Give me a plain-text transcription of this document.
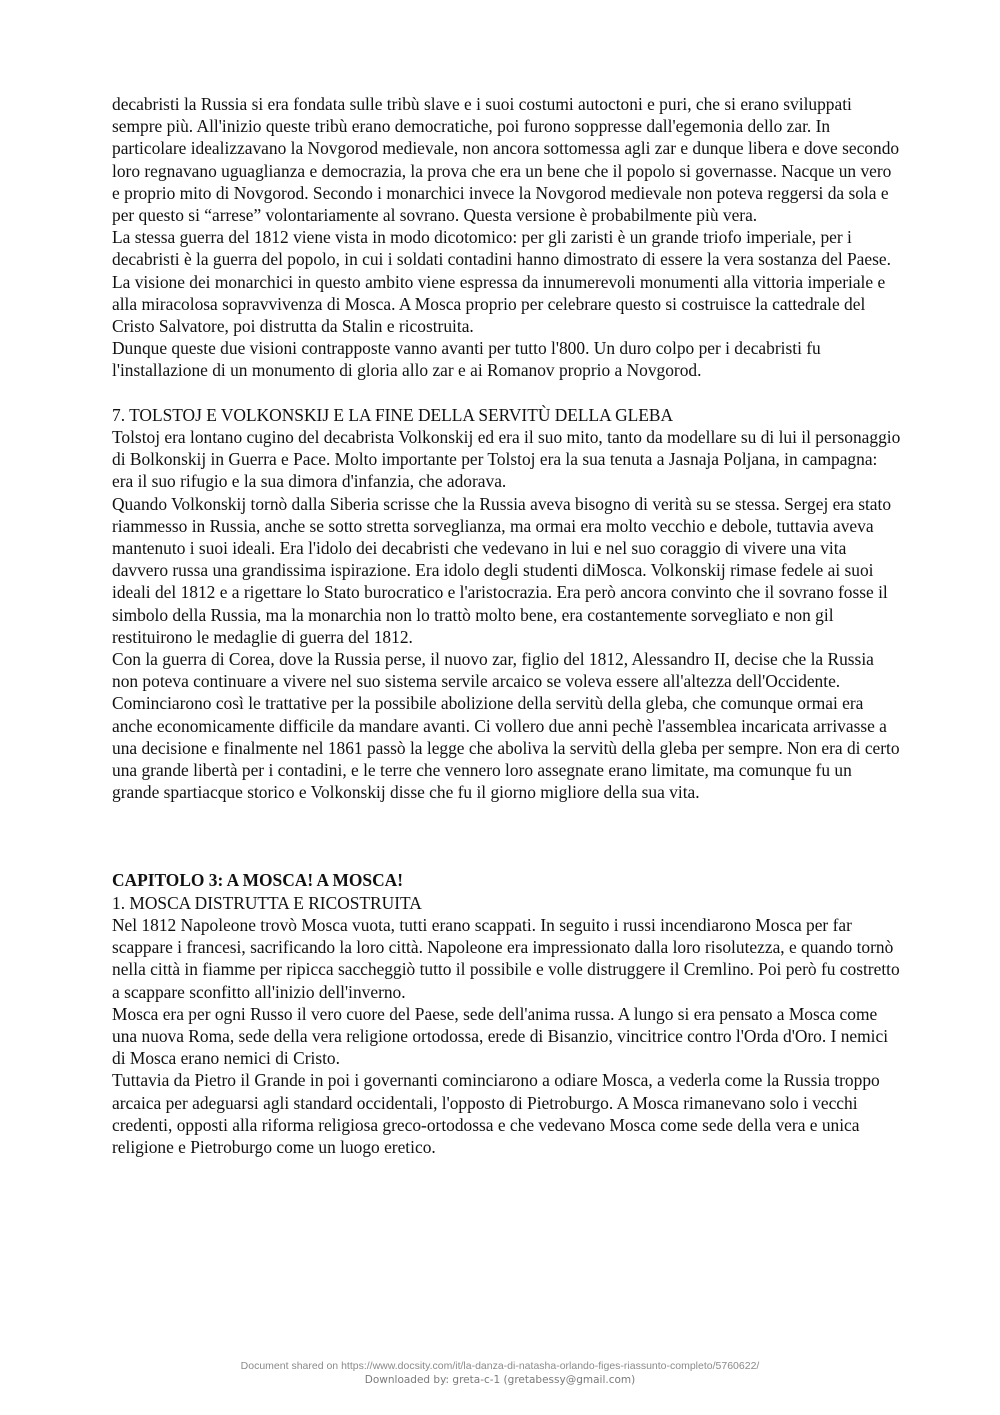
decabristi la Russia si era fondata sulle tribù slave e i suoi costumi autoctoni e puri, che si erano sviluppati sempre più. All'inizio queste tribù erano democratiche, poi furono soppresse dall'egemonia dello zar. In particolare idealizzavano la Novgorod medievale, non ancora sottomessa agli zar e dunque libera e dove secondo loro regnavano uguaglianza e democrazia, la prova che era un bene che il popolo si governasse. Nacque un vero e proprio mito di Novgorod. Secondo i monarchici invece la Novgorod medievale non poteva reggersi da sola e per questo si “arrese” volontariamente al sovrano. Questa versione è probabilmente più vera.

La stessa guerra del 1812 viene vista in modo dicotomico: per gli zaristi è un grande triofo imperiale, per i decabristi è la guerra del popolo, in cui i soldati contadini hanno dimostrato di essere la vera sostanza del Paese. La visione dei monarchici in questo ambito viene espressa da innumerevoli monumenti alla vittoria imperiale e alla miracolosa sopravvivenza di Mosca. A Mosca proprio per celebrare questo si costruisce la cattedrale del Cristo Salvatore, poi distrutta da Stalin e ricostruita.

Dunque queste due visioni contrapposte vanno avanti per tutto l'800. Un duro colpo per i decabristi fu l'installazione di un monumento di gloria allo zar e ai Romanov proprio a Novgorod.

7. TOLSTOJ E VOLKONSKIJ E LA FINE DELLA SERVITÙ DELLA GLEBA

Tolstoj era lontano cugino del decabrista Volkonskij ed era il suo mito, tanto da modellare su di lui il personaggio di Bolkonskij in Guerra e Pace. Molto importante per Tolstoj era la sua tenuta a Jasnaja Poljana, in campagna: era il suo rifugio e la sua dimora d'infanzia, che adorava.

Quando Volkonskij tornò dalla Siberia scrisse che la Russia aveva bisogno di verità su se stessa. Sergej era stato riammesso in Russia, anche se sotto stretta sorveglianza, ma ormai era molto vecchio e debole, tuttavia aveva mantenuto i suoi ideali. Era l'idolo dei decabristi che vedevano in lui e nel suo coraggio di vivere una vita davvero russa una grandissima ispirazione. Era idolo degli studenti diMosca. Volkonskij rimase fedele ai suoi ideali del 1812 e a rigettare lo Stato burocratico e l'aristocrazia. Era però ancora convinto che il sovrano fosse il simbolo della Russia, ma la monarchia non lo trattò molto bene, era costantemente sorvegliato e non gil restituirono le medaglie di guerra del 1812.

Con la guerra di Corea, dove la Russia perse, il nuovo zar, figlio del 1812, Alessandro II, decise che la Russia non poteva continuare a vivere nel suo sistema servile arcaico se voleva essere all'altezza dell'Occidente. Cominciarono così le trattative per la possibile abolizione della servitù della gleba, che comunque ormai era anche economicamente difficile da mandare avanti. Ci vollero due anni pechè l'assemblea incaricata arrivasse a una decisione e finalmente nel 1861 passò la legge che aboliva la servitù della gleba per sempre. Non era di certo una grande libertà per i contadini, e le terre che vennero loro assegnate erano limitate, ma comunque fu un grande spartiacque storico e Volkonskij disse che fu il giorno migliore della sua vita.

CAPITOLO 3: A MOSCA! A MOSCA!

1. MOSCA DISTRUTTA E RICOSTRUITA

Nel 1812 Napoleone trovò Mosca vuota, tutti erano scappati. In seguito i russi incendiarono Mosca per far scappare i francesi, sacrificando la loro città. Napoleone era impressionato dalla loro risolutezza, e quando tornò nella città in fiamme per ripicca saccheggiò tutto il possibile e volle distruggere il Cremlino. Poi però fu costretto a scappare sconfitto all'inizio dell'inverno.

Mosca era per ogni Russo il vero cuore del Paese, sede dell'anima russa. A lungo si era pensato a Mosca come una nuova Roma, sede della vera religione ortodossa, erede di Bisanzio, vincitrice contro l'Orda d'Oro. I nemici di Mosca erano nemici di Cristo.

Tuttavia da Pietro il Grande in poi i governanti cominciarono a odiare Mosca, a vederla come la Russia troppo arcaica per adeguarsi agli standard occidentali, l'opposto di Pietroburgo. A Mosca rimanevano solo i vecchi credenti, opposti alla riforma religiosa greco-ortodossa e che vedevano Mosca come sede della vera e unica religione e Pietroburgo come un luogo eretico.

Document shared on https://www.docsity.com/it/la-danza-di-natasha-orlando-figes-riassunto-completo/5760622/
Downloaded by: greta-c-1 (gretabessy@gmail.com)
